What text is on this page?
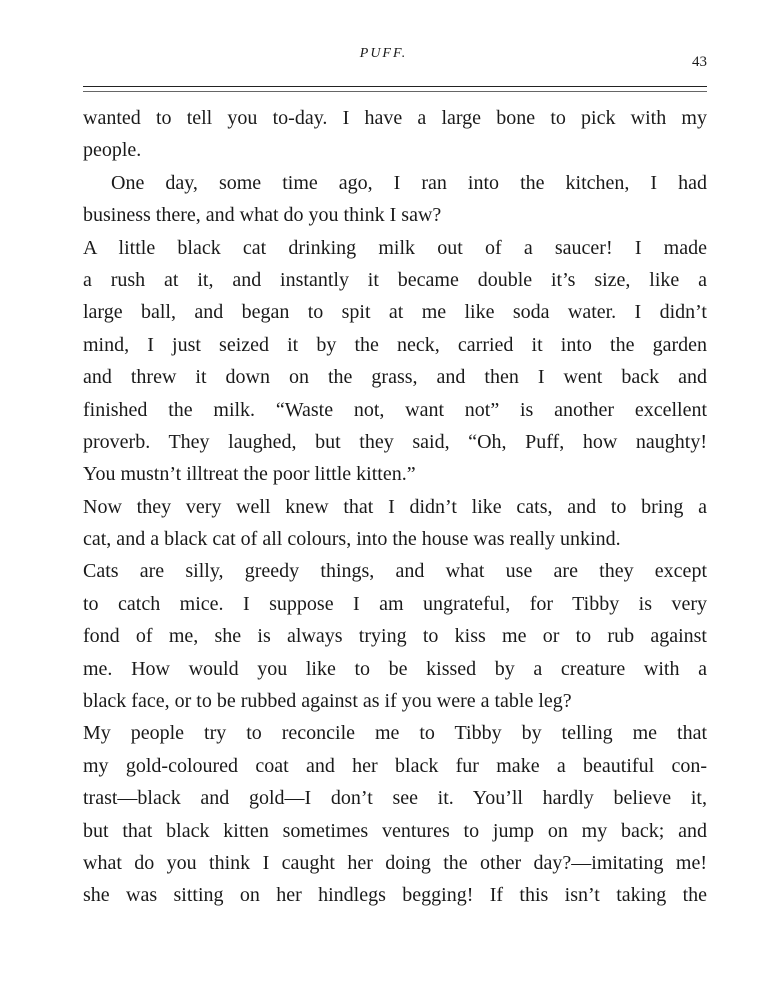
PUFF.
43
wanted to tell you to-day. I have a large bone to pick with my
people.
One day, some time ago, I ran into the kitchen, I had
business there, and what do you think I saw?
A little black cat drinking milk out of a saucer! I made
a rush at it, and instantly it became double it’s size, like a
large ball, and began to spit at me like soda water. I didn’t
mind, I just seized it by the neck, carried it into the garden
and threw it down on the grass, and then I went back and
finished the milk. “Waste not, want not” is another excellent
proverb. They laughed, but they said, “Oh, Puff, how naughty!
You mustn’t illtreat the poor little kitten.”
Now they very well knew that I didn’t like cats, and to bring a
cat, and a black cat of all colours, into the house was really unkind.
Cats are silly, greedy things, and what use are they except
to catch mice. I suppose I am ungrateful, for Tibby is very
fond of me, she is always trying to kiss me or to rub against
me. How would you like to be kissed by a creature with a
black face, or to be rubbed against as if you were a table leg?
My people try to reconcile me to Tibby by telling me that
my gold-coloured coat and her black fur make a beautiful con-
trast—black and gold—I don’t see it. You’ll hardly believe it,
but that black kitten sometimes ventures to jump on my back; and
what do you think I caught her doing the other day?—imitating me!
she was sitting on her hindlegs begging! If this isn’t taking the
